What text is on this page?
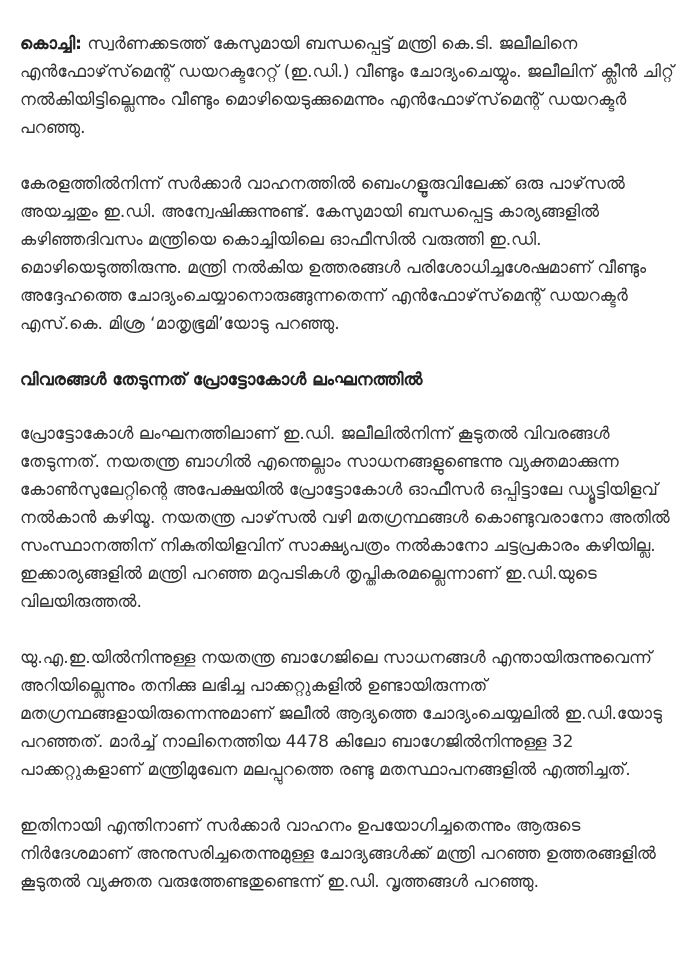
കൊച്ചി: സ്വർണക്കടത്ത് കേസുമായി ബന്ധപ്പെട്ട് മന്ത്രി കെ.ടി. ജലീലിനെ എൻഫോഴ്‌സ്‌മെന്റ് ഡയറക്ടറേറ്റ് (ഇ.ഡി.) വീണ്ടും ചോദ്യംചെയ്യും. ജലീലിന് ക്ലീൻ ചിറ്റ് നൽകിയിട്ടില്ലെന്നും വീണ്ടും മൊഴിയെടുക്കുമെന്നും എൻഫോഴ്‌സ്‌മെന്റ് ഡയറക്ടർ പറഞ്ഞു.

കേരളത്തിൽനിന്ന് സർക്കാർ വാഹനത്തിൽ ബെംഗളൂരുവിലേക്ക് ഒരു പാഴ്‌സൽ അയച്ചതും ഇ.ഡി. അന്വേഷിക്കുന്നുണ്ട്. കേസുമായി ബന്ധപ്പെട്ട കാര്യങ്ങളിൽ കഴിഞ്ഞദിവസം മന്ത്രിയെ കൊച്ചിയിലെ ഓഫീസിൽ വരുത്തി ഇ.ഡി. മൊഴിയെടുത്തിരുന്നു. മന്ത്രി നൽകിയ ഉത്തരങ്ങൾ പരിശോധിച്ചശേഷമാണ് വീണ്ടും അദ്ദേഹത്തെ ചോദ്യംചെയ്യാനൊരുങ്ങുന്നതെന്ന് എൻഫോഴ്‌സ്‌മെന്റ് ഡയറക്ടർ എസ്.കെ. മിശ്ര ‘മാതൃഭൂമി’യോടു പറഞ്ഞു.

വിവരങ്ങൾ തേടുന്നത് പ്രോട്ടോകോൾ ലംഘനത്തിൽ

പ്രോട്ടോകോൾ ലംഘനത്തിലാണ് ഇ.ഡി. ജലീലിൽനിന്ന് കൂടുതൽ വിവരങ്ങൾ തേടുന്നത്. നയതന്ത്ര ബാഗിൽ എന്തെല്ലാം സാധനങ്ങളുണ്ടെന്നു വ്യക്തമാക്കുന്ന കോൺസുലേറ്റിന്റെ അപേക്ഷയിൽ പ്രോട്ടോകോൾ ഓഫീസർ ഒപ്പിട്ടാലേ ഡ്യൂട്ടിയിളവ് നൽകാൻ കഴിയൂ. നയതന്ത്ര പാഴ്‌സൽ വഴി മതഗ്രന്ഥങ്ങൾ കൊണ്ടുവരാനോ അതിൽ സംസ്ഥാനത്തിന് നികുതിയിളവിന് സാക്ഷ്യപത്രം നൽകാനോ ചട്ടപ്രകാരം കഴിയില്ല. ഇക്കാര്യങ്ങളിൽ മന്ത്രി പറഞ്ഞ മറുപടികൾ തൃപ്തികരമല്ലെന്നാണ് ഇ.ഡി.യുടെ വിലയിരുത്തൽ.

യു.എ.ഇ.യിൽനിന്നുള്ള നയതന്ത്ര ബാഗേജിലെ സാധനങ്ങൾ എന്തായിരുന്നുവെന്ന് അറിയില്ലെന്നും തനിക്കു ലഭിച്ച പാക്കറ്റുകളിൽ ഉണ്ടായിരുന്നത് മതഗ്രന്ഥങ്ങളായിരുന്നെന്നുമാണ് ജലീൽ ആദ്യത്തെ ചോദ്യംചെയ്യലിൽ ഇ.ഡി.യോടു പറഞ്ഞത്. മാർച്ച് നാലിനെത്തിയ 4478 കിലോ ബാഗേജിൽനിന്നുള്ള 32 പാക്കറ്റുകളാണ് മന്ത്രിമുഖേന മലപ്പുറത്തെ രണ്ടു മതസ്ഥാപനങ്ങളിൽ എത്തിച്ചത്.

ഇതിനായി എന്തിനാണ് സർക്കാർ വാഹനം ഉപയോഗിച്ചതെന്നും ആരുടെ നിർദേശമാണ് അനുസരിച്ചതെന്നുമുള്ള ചോദ്യങ്ങൾക്ക് മന്ത്രി പറഞ്ഞ ഉത്തരങ്ങളിൽ കൂടുതൽ വ്യക്തത വരുത്തേണ്ടതുണ്ടെന്ന് ഇ.ഡി. വൃത്തങ്ങൾ പറഞ്ഞു.
